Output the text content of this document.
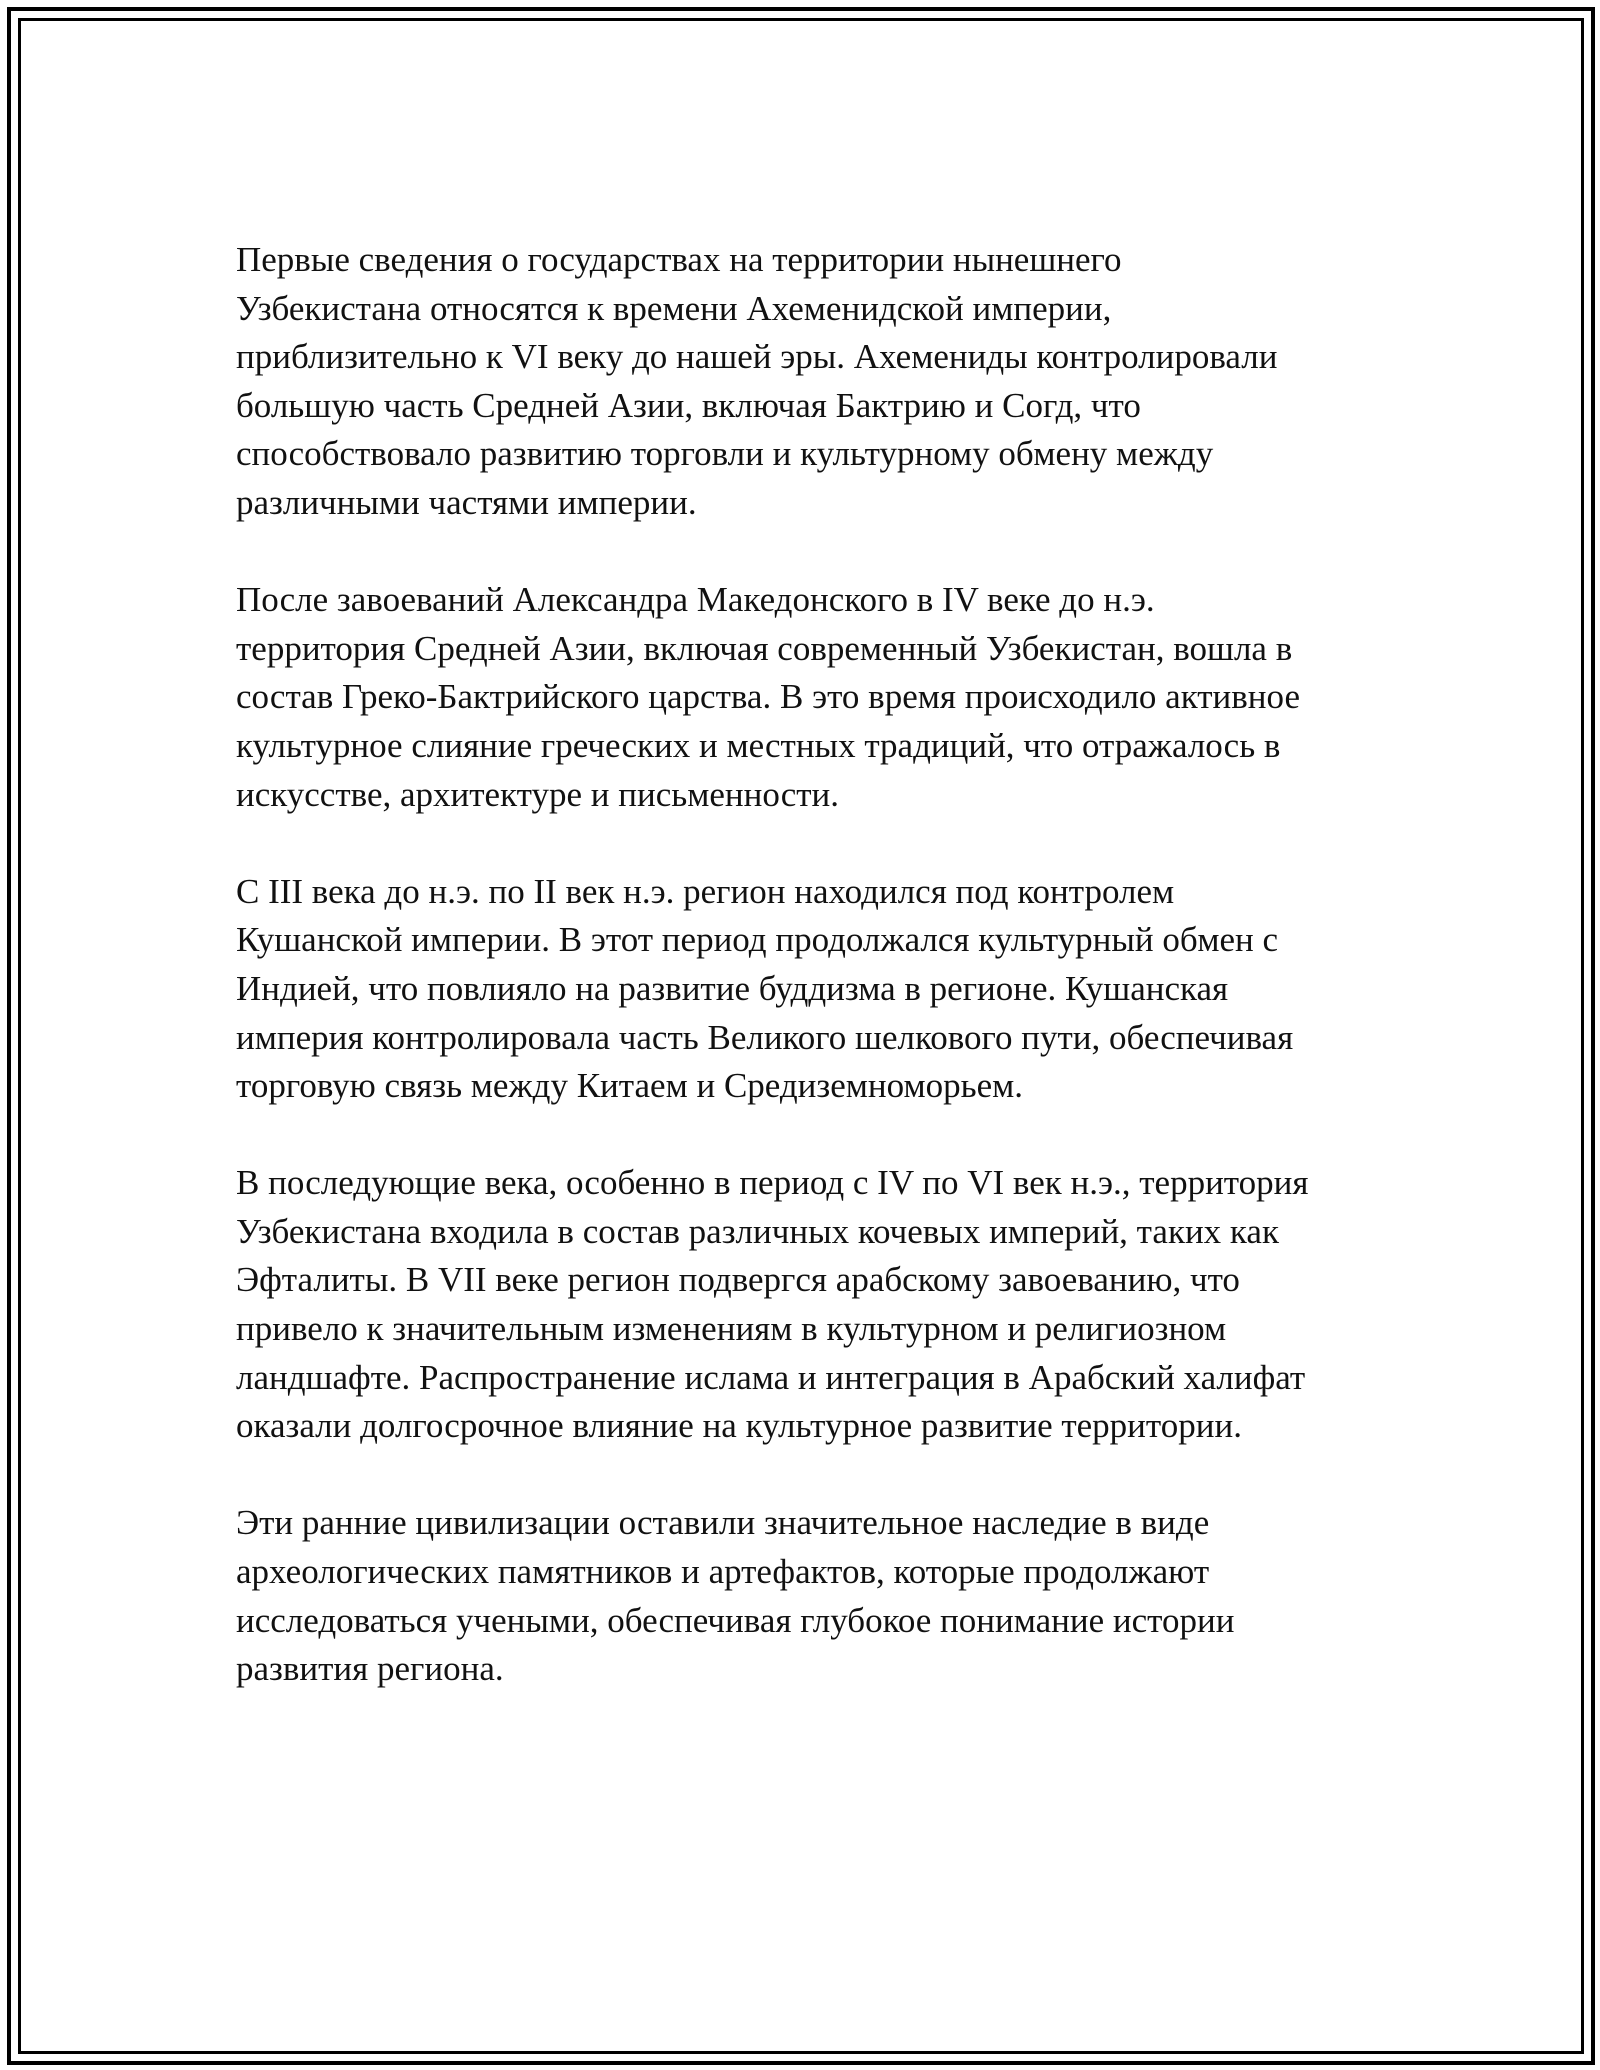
Первые сведения о государствах на территории нынешнего
Узбекистана относятся к времени Ахеменидской империи,
приблизительно к VI веку до нашей эры. Ахемениды контролировали
большую часть Средней Азии, включая Бактрию и Согд, что
способствовало развитию торговли и культурному обмену между
различными частями империи.

После завоеваний Александра Македонского в IV веке до н.э.
территория Средней Азии, включая современный Узбекистан, вошла в
состав Греко-Бактрийского царства. В это время происходило активное
культурное слияние греческих и местных традиций, что отражалось в
искусстве, архитектуре и письменности.

С III века до н.э. по II век н.э. регион находился под контролем
Кушанской империи. В этот период продолжался культурный обмен с
Индией, что повлияло на развитие буддизма в регионе. Кушанская
империя контролировала часть Великого шелкового пути, обеспечивая
торговую связь между Китаем и Средиземноморьем.

В последующие века, особенно в период с IV по VI век н.э., территория
Узбекистана входила в состав различных кочевых империй, таких как
Эфталиты. В VII веке регион подвергся арабскому завоеванию, что
привело к значительным изменениям в культурном и религиозном
ландшафте. Распространение ислама и интеграция в Арабский халифат
оказали долгосрочное влияние на культурное развитие территории.

Эти ранние цивилизации оставили значительное наследие в виде
археологических памятников и артефактов, которые продолжают
исследоваться учеными, обеспечивая глубокое понимание истории
развития региона.
